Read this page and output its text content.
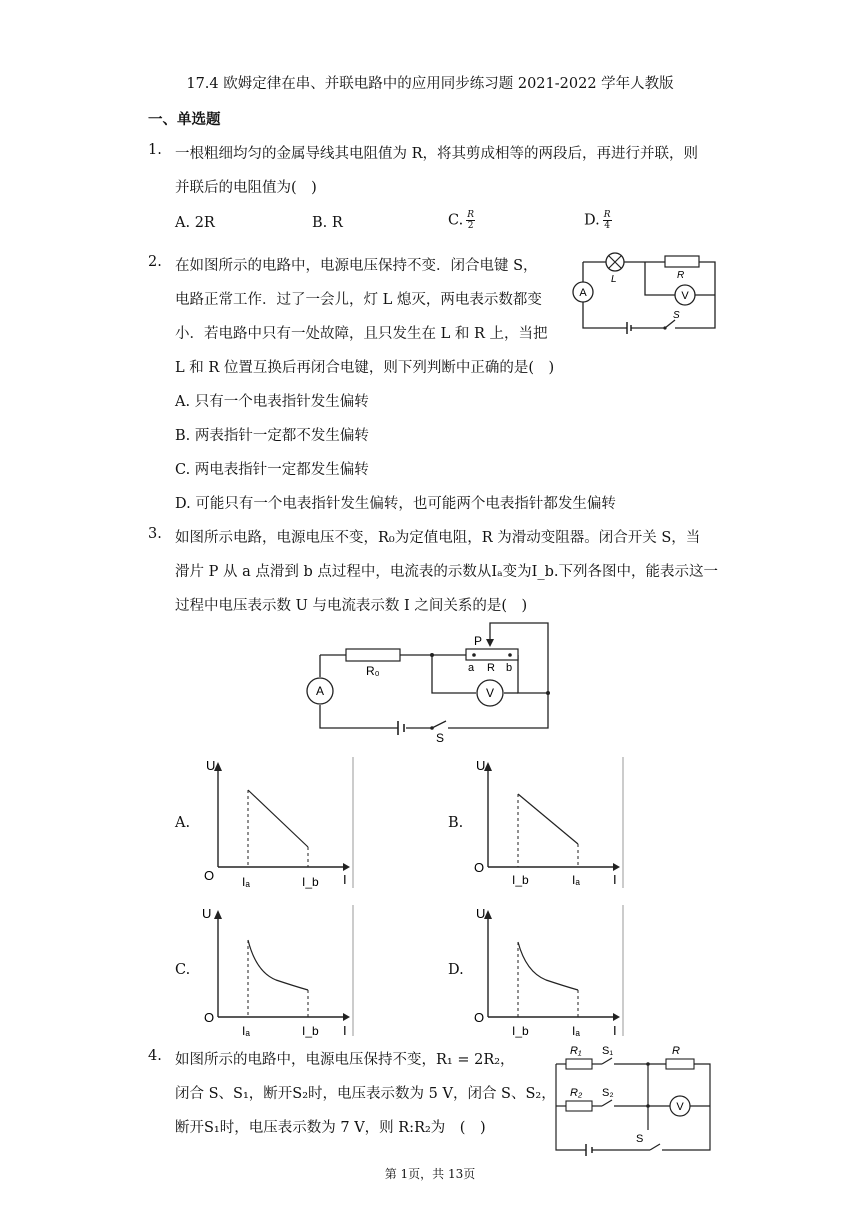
17.4 欧姆定律在串、并联电路中的应用同步练习题 2021-2022 学年人教版
一、单选题
1. 一根粗细均匀的金属导线其电阻值为 R，将其剪成相等的两段后，再进行并联，则
并联后的电阻值为(　)
A. 2R	B. R	C. $\frac{R}{2}$	D. $\frac{R}{4}$
2. 在如图所示的电路中，电源电压保持不变．闭合电键 S，
电路正常工作．过了一会儿，灯 L 熄灭，两电表示数都变
小．若电路中只有一处故障，且只发生在 L 和 R 上，当把
L 和 R 位置互换后再闭合电键，则下列判断中正确的是(　)
A. 只有一个电表指针发生偏转
B. 两表指针一定都不发生偏转
C. 两电表指针一定都发生偏转
D. 可能只有一个电表指针发生偏转，也可能两个电表指针都发生偏转
L	R
A	V
S
3. 如图所示电路，电源电压不变，R₀为定值电阻，R 为滑动变阻器。闭合开关 S，当
滑片 P 从 a 点滑到 b 点过程中，电流表的示数从Iₐ变为I_b.下列各图中，能表示这一
过程中电压表示数 U 与电流表示数 I 之间关系的是(　)
R₀
P
a R b
A	V
S
A.
U
O	I
Iₐ	I_b
B.
U
O
I
I_b	Iₐ
C.
U
O
I
Iₐ	I_b
D.
U
O
I
I_b	Iₐ
4. 如图所示的电路中，电源电压保持不变，R₁ = 2R₂，
闭合 S、S₁，断开S₂时，电压表示数为 5 V，闭合 S、S₂，
断开S₁时，电压表示数为 7 V，则 R:R₂为　(　)
R₁ S₁	R
R₂ S₂
V
S
第 1页，共 13页
